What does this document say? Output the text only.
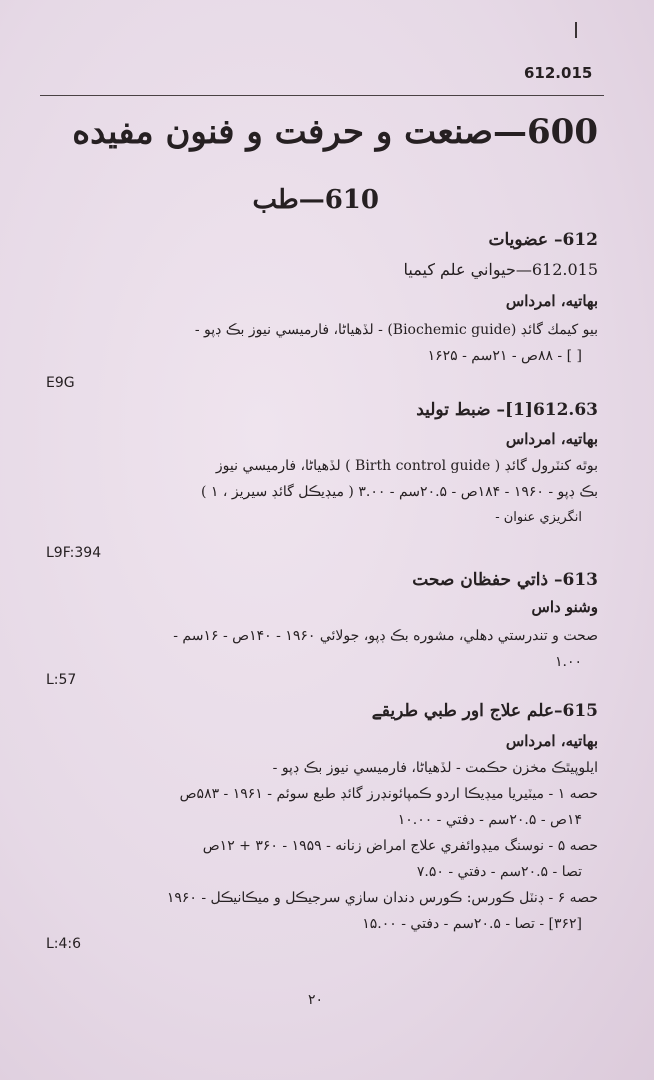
612.015
600—صنعت و حرفت و فنون مفيده
610—طب
612– عضويات
612.015—حيواني علم كيميا
بهاتيه، امرداس
بيو كيمك گائڊ (Biochemic guide) - لڏهياڻا، فارميسي نيوز بڪ ڊپو -
[ ] - ۸۸ص - ۲۱سم - ۱۶۲۵
E9G
612.63[1]– ضبط توليد
بهاتيه، امرداس
بوٿه کنٽرول گائڊ ( Birth control guide ) لڏهياڻا، فارميسي نيوز
بڪ ڊپو - ۱۹۶۰ - ۱۸۴ص - ۲۰.۵سم - ۳.۰۰ ( ميڊيڪل گائڊ سيريز ، ۱ )
انگريزي عنوان -
L9F:394
613– ذاتي حفظان صحت
وشنو داس
صحت و تندرستي دهلي، مشوره بڪ ڊپو، جولائي ۱۹۶۰ - ۱۴۰ص - ۱۶سم -
۱.۰۰
L:57
615–علم علاج اور طبي طريقے
بهاتيه، امرداس
ايلوپيٿڪ مخزن حڪمت - لڏهياڻا، فارميسي نيوز بڪ ڊپو -
حصه ۱ - ميٽيريا ميڊيڪا اردو ڪمپائونڊرز گائڊ طبع سوئم - ۱۹۶۱ - ۵۸۳ص
۱۴ص - ۲۰.۵سم - دفتي - ۱۰.۰۰
حصه ۵ - نوسنگ ميڊوائفري علاج امراض زنانه - ۱۹۵۹ - ۳۶۰ + ۱۲ص
تصا - ۲۰.۵سم - دفتي - ۷.۵۰
حصه ۶ - ڊنٽل ڪورس: ڪورس دندان سازي سرجيڪل و ميڪانيڪل - ۱۹۶۰
[۳۶۲] - تصا - ۲۰.۵سم - دفتي - ۱۵.۰۰
L:4:6
۲۰
